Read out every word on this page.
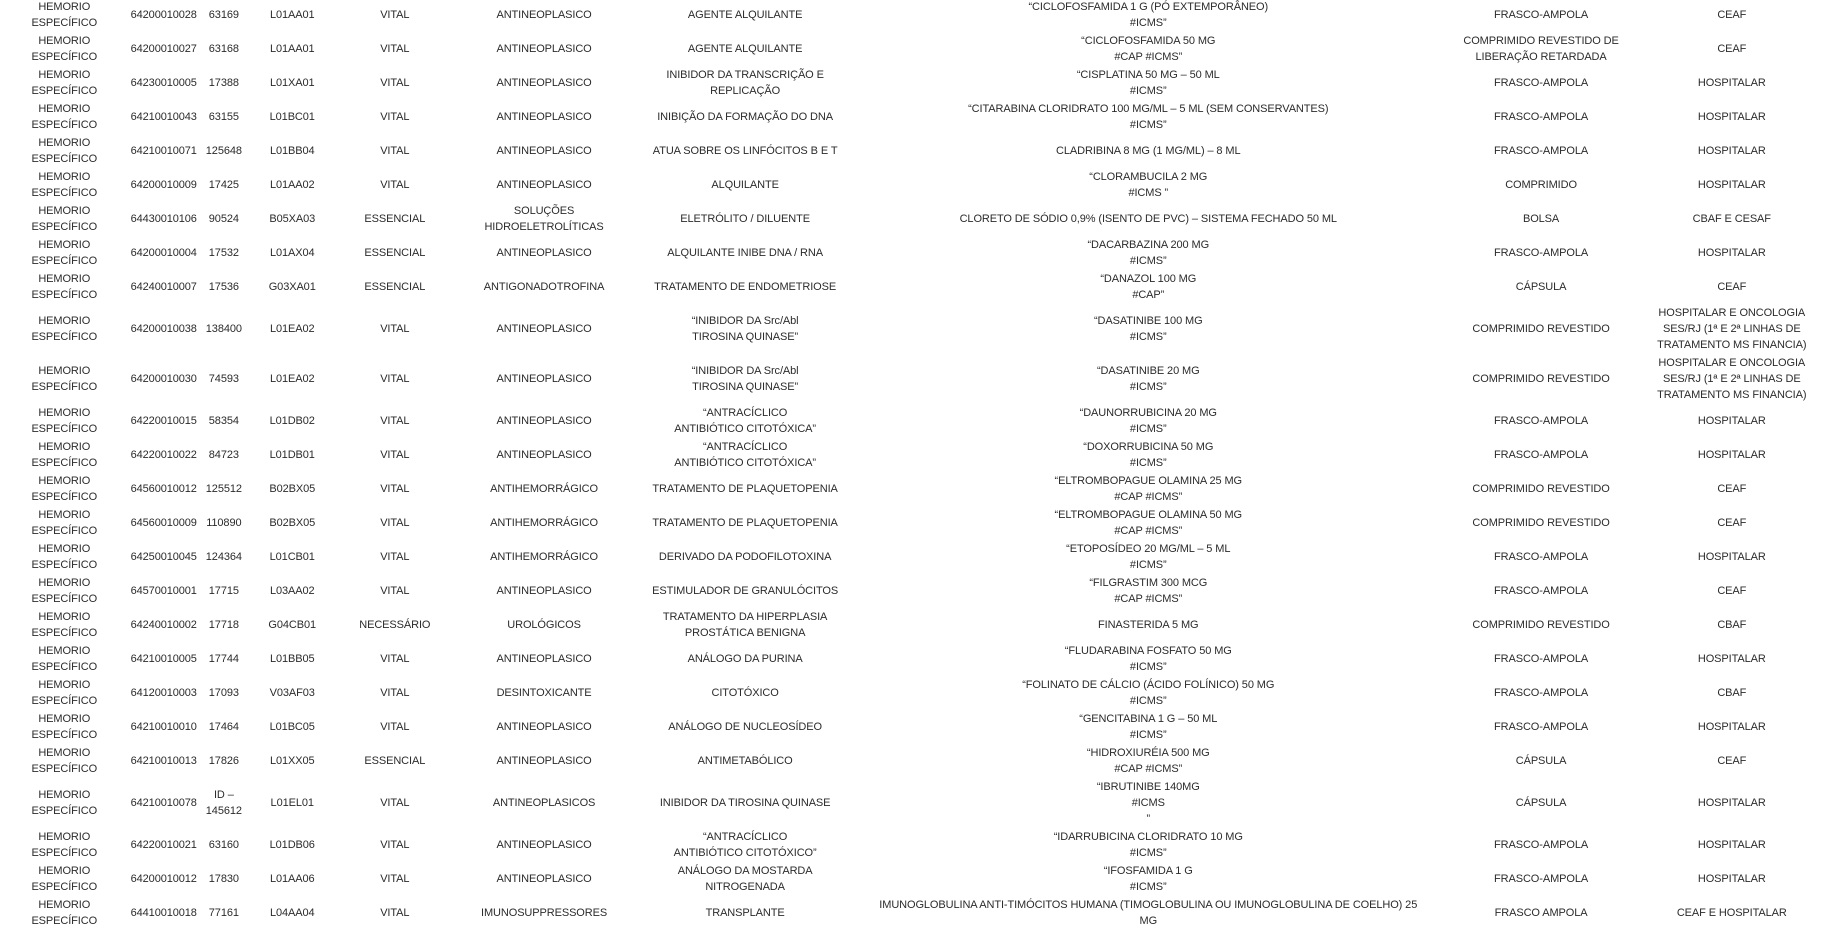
HEMORIO
ESPECÍFICO	64200010028	63169	L01AA01	VITAL	ANTINEOPLASICO	AGENTE ALQUILANTE	“CICLOFOSFAMIDA 1 G (PÓ EXTEMPORÂNEO)
#ICMS”	FRASCO-AMPOLA	CEAF
HEMORIO
ESPECÍFICO	64200010027	63168	L01AA01	VITAL	ANTINEOPLASICO	AGENTE ALQUILANTE	“CICLOFOSFAMIDA 50 MG
#CAP #ICMS”	COMPRIMIDO REVESTIDO DE
LIBERAÇÃO RETARDADA	CEAF
HEMORIO
ESPECÍFICO	64230010005	17388	L01XA01	VITAL	ANTINEOPLASICO	INIBIDOR DA TRANSCRIÇÃO E
REPLICAÇÃO	“CISPLATINA 50 MG – 50 ML
#ICMS”	FRASCO-AMPOLA	HOSPITALAR
HEMORIO
ESPECÍFICO	64210010043	63155	L01BC01	VITAL	ANTINEOPLASICO	INIBIÇÃO DA FORMAÇÃO DO DNA	“CITARABINA CLORIDRATO 100 MG/ML – 5 ML (SEM CONSERVANTES)
#ICMS”	FRASCO-AMPOLA	HOSPITALAR
HEMORIO
ESPECÍFICO	64210010071	125648	L01BB04	VITAL	ANTINEOPLASICO	ATUA SOBRE OS LINFÓCITOS B E T	CLADRIBINA 8 MG (1 MG/ML) – 8 ML	FRASCO-AMPOLA	HOSPITALAR
HEMORIO
ESPECÍFICO	64200010009	17425	L01AA02	VITAL	ANTINEOPLASICO	ALQUILANTE	“CLORAMBUCILA 2 MG
#ICMS ”	COMPRIMIDO	HOSPITALAR
HEMORIO
ESPECÍFICO	64430010106	90524	B05XA03	ESSENCIAL	SOLUÇÕES HIDROELETROLÍTICAS	ELETRÓLITO / DILUENTE	CLORETO DE SÓDIO 0,9% (ISENTO DE PVC) – SISTEMA FECHADO 50 ML	BOLSA	CBAF E CESAF
HEMORIO
ESPECÍFICO	64200010004	17532	L01AX04	ESSENCIAL	ANTINEOPLASICO	ALQUILANTE INIBE DNA / RNA	“DACARBAZINA 200 MG
#ICMS”	FRASCO-AMPOLA	HOSPITALAR
HEMORIO
ESPECÍFICO	64240010007	17536	G03XA01	ESSENCIAL	ANTIGONADOTROFINA	TRATAMENTO DE ENDOMETRIOSE	“DANAZOL 100 MG
#CAP”	CÁPSULA	CEAF
HEMORIO
ESPECÍFICO	64200010038	138400	L01EA02	VITAL	ANTINEOPLASICO	“INIBIDOR DA Src/Abl
TIROSINA QUINASE”	“DASATINIBE 100 MG
#ICMS”	COMPRIMIDO REVESTIDO	HOSPITALAR E ONCOLOGIA
SES/RJ (1ª E 2ª LINHAS DE
TRATAMENTO MS FINANCIA)
HEMORIO
ESPECÍFICO	64200010030	74593	L01EA02	VITAL	ANTINEOPLASICO	“INIBIDOR DA Src/Abl
TIROSINA QUINASE”	“DASATINIBE 20 MG
#ICMS”	COMPRIMIDO REVESTIDO	HOSPITALAR E ONCOLOGIA
SES/RJ (1ª E 2ª LINHAS DE
TRATAMENTO MS FINANCIA)
HEMORIO
ESPECÍFICO	64220010015	58354	L01DB02	VITAL	ANTINEOPLASICO	“ANTRACÍCLICO
ANTIBIÓTICO CITOTÓXICA”	“DAUNORRUBICINA 20 MG
#ICMS”	FRASCO-AMPOLA	HOSPITALAR
HEMORIO
ESPECÍFICO	64220010022	84723	L01DB01	VITAL	ANTINEOPLASICO	“ANTRACÍCLICO
ANTIBIÓTICO CITOTÓXICA”	“DOXORRUBICINA 50 MG
#ICMS”	FRASCO-AMPOLA	HOSPITALAR
HEMORIO
ESPECÍFICO	64560010012	125512	B02BX05	VITAL	ANTIHEMORRÁGICO	TRATAMENTO DE PLAQUETOPENIA	“ELTROMBOPAGUE OLAMINA 25 MG
#CAP #ICMS”	COMPRIMIDO REVESTIDO	CEAF
HEMORIO
ESPECÍFICO	64560010009	110890	B02BX05	VITAL	ANTIHEMORRÁGICO	TRATAMENTO DE PLAQUETOPENIA	“ELTROMBOPAGUE OLAMINA 50 MG
#CAP #ICMS”	COMPRIMIDO REVESTIDO	CEAF
HEMORIO
ESPECÍFICO	64250010045	124364	L01CB01	VITAL	ANTIHEMORRÁGICO	DERIVADO DA PODOFILOTOXINA	“ETOPOSÍDEO 20 MG/ML – 5 ML
#ICMS”	FRASCO-AMPOLA	HOSPITALAR
HEMORIO
ESPECÍFICO	64570010001	17715	L03AA02	VITAL	ANTINEOPLASICO	ESTIMULADOR DE GRANULÓCITOS	“FILGRASTIM 300 MCG
#CAP #ICMS”	FRASCO-AMPOLA	CEAF
HEMORIO
ESPECÍFICO	64240010002	17718	G04CB01	NECESSÁRIO	UROLÓGICOS	TRATAMENTO DA HIPERPLASIA
PROSTÁTICA BENIGNA	FINASTERIDA 5 MG	COMPRIMIDO REVESTIDO	CBAF
HEMORIO
ESPECÍFICO	64210010005	17744	L01BB05	VITAL	ANTINEOPLASICO	ANÁLOGO DA PURINA	“FLUDARABINA FOSFATO 50 MG
#ICMS”	FRASCO-AMPOLA	HOSPITALAR
HEMORIO
ESPECÍFICO	64120010003	17093	V03AF03	VITAL	DESINTOXICANTE	CITOTÓXICO	“FOLINATO DE CÁLCIO (ÁCIDO FOLÍNICO) 50 MG
#ICMS”	FRASCO-AMPOLA	CBAF
HEMORIO
ESPECÍFICO	64210010010	17464	L01BC05	VITAL	ANTINEOPLASICO	ANÁLOGO DE NUCLEOSÍDEO	“GENCITABINA 1 G – 50 ML
#ICMS”	FRASCO-AMPOLA	HOSPITALAR
HEMORIO
ESPECÍFICO	64210010013	17826	L01XX05	ESSENCIAL	ANTINEOPLASICO	ANTIMETABÓLICO	“HIDROXIURÉIA 500 MG
#CAP #ICMS”	CÁPSULA	CEAF
HEMORIO
ESPECÍFICO	64210010078	ID –
145612	L01EL01	VITAL	ANTINEOPLASICOS	INIBIDOR DA TIROSINA QUINASE	“IBRUTINIBE 140MG
#ICMS
”	CÁPSULA	HOSPITALAR
HEMORIO
ESPECÍFICO	64220010021	63160	L01DB06	VITAL	ANTINEOPLASICO	“ANTRACÍCLICO
ANTIBIÓTICO CITOTÓXICO”	“IDARRUBICINA CLORIDRATO 10 MG
#ICMS”	FRASCO-AMPOLA	HOSPITALAR
HEMORIO
ESPECÍFICO	64200010012	17830	L01AA06	VITAL	ANTINEOPLASICO	ANÁLOGO DA MOSTARDA
NITROGENADA	“IFOSFAMIDA 1 G
#ICMS”	FRASCO-AMPOLA	HOSPITALAR
HEMORIO
ESPECÍFICO	64410010018	77161	L04AA04	VITAL	IMUNOSUPPRESSORES	TRANSPLANTE	IMUNOGLOBULINA ANTI-TIMÓCITOS HUMANA (TIMOGLOBULINA OU IMUNOGLOBULINA DE COELHO) 25
MG	FRASCO AMPOLA	CEAF E HOSPITALAR
